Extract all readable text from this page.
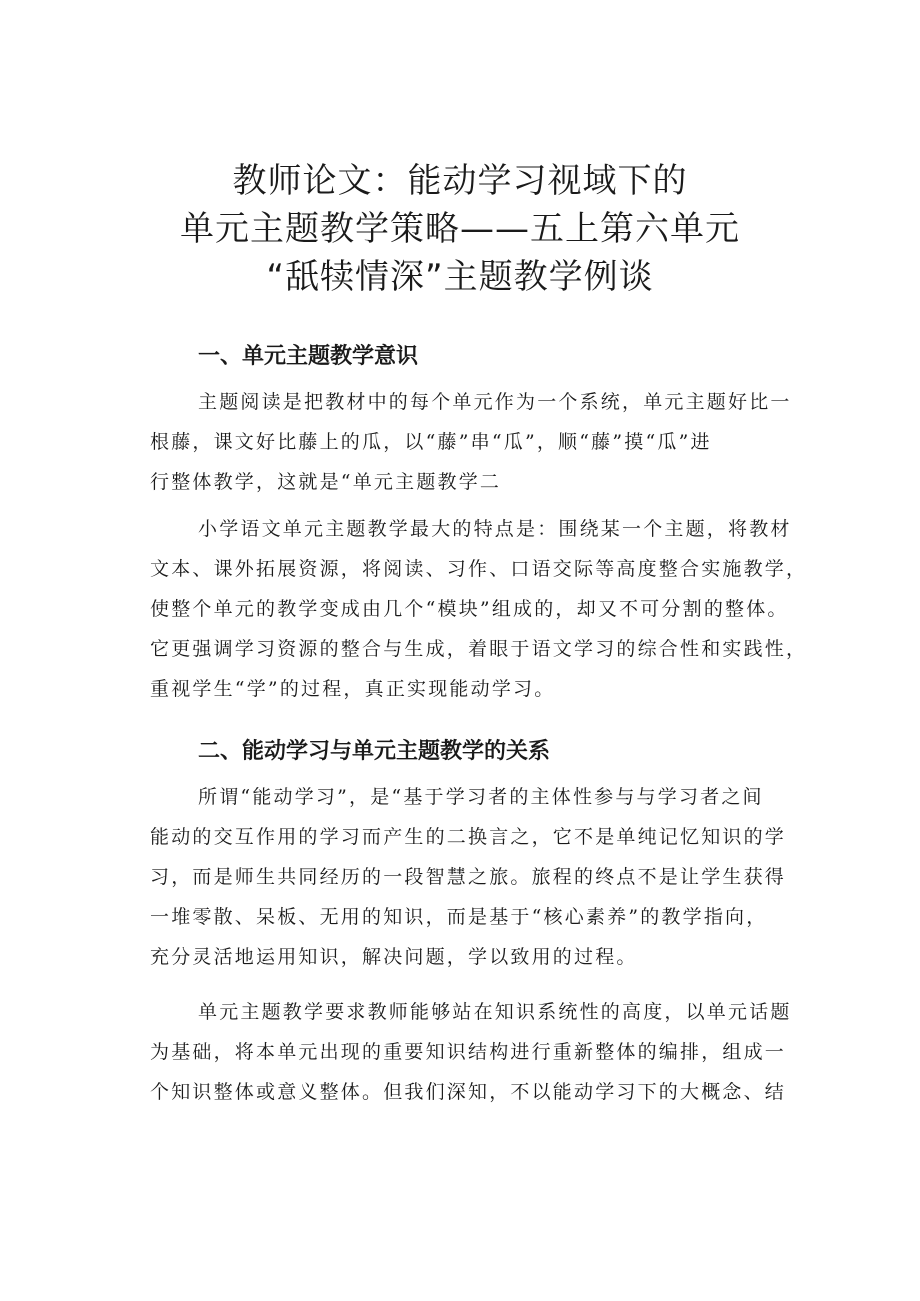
教师论文：能动学习视域下的
单元主题教学策略——五上第六单元
“舐犊情深”主题教学例谈
一、单元主题教学意识
主题阅读是把教材中的每个单元作为一个系统，单元主题好比一
根藤，课文好比藤上的瓜，以“藤”串“瓜”，顺“藤”摸“瓜”进
行整体教学，这就是“单元主题教学二
小学语文单元主题教学最大的特点是：围绕某一个主题，将教材
文本、课外拓展资源，将阅读、习作、口语交际等高度整合实施教学，
使整个单元的教学变成由几个“模块”组成的，却又不可分割的整体。
它更强调学习资源的整合与生成，着眼于语文学习的综合性和实践性，
重视学生“学”的过程，真正实现能动学习。
二、能动学习与单元主题教学的关系
所谓“能动学习”，是“基于学习者的主体性参与与学习者之间
能动的交互作用的学习而产生的二换言之，它不是单纯记忆知识的学
习，而是师生共同经历的一段智慧之旅。旅程的终点不是让学生获得
一堆零散、呆板、无用的知识，而是基于“核心素养”的教学指向，
充分灵活地运用知识，解决问题，学以致用的过程。
单元主题教学要求教师能够站在知识系统性的高度，以单元话题
为基础，将本单元出现的重要知识结构进行重新整体的编排，组成一
个知识整体或意义整体。但我们深知，不以能动学习下的大概念、结
